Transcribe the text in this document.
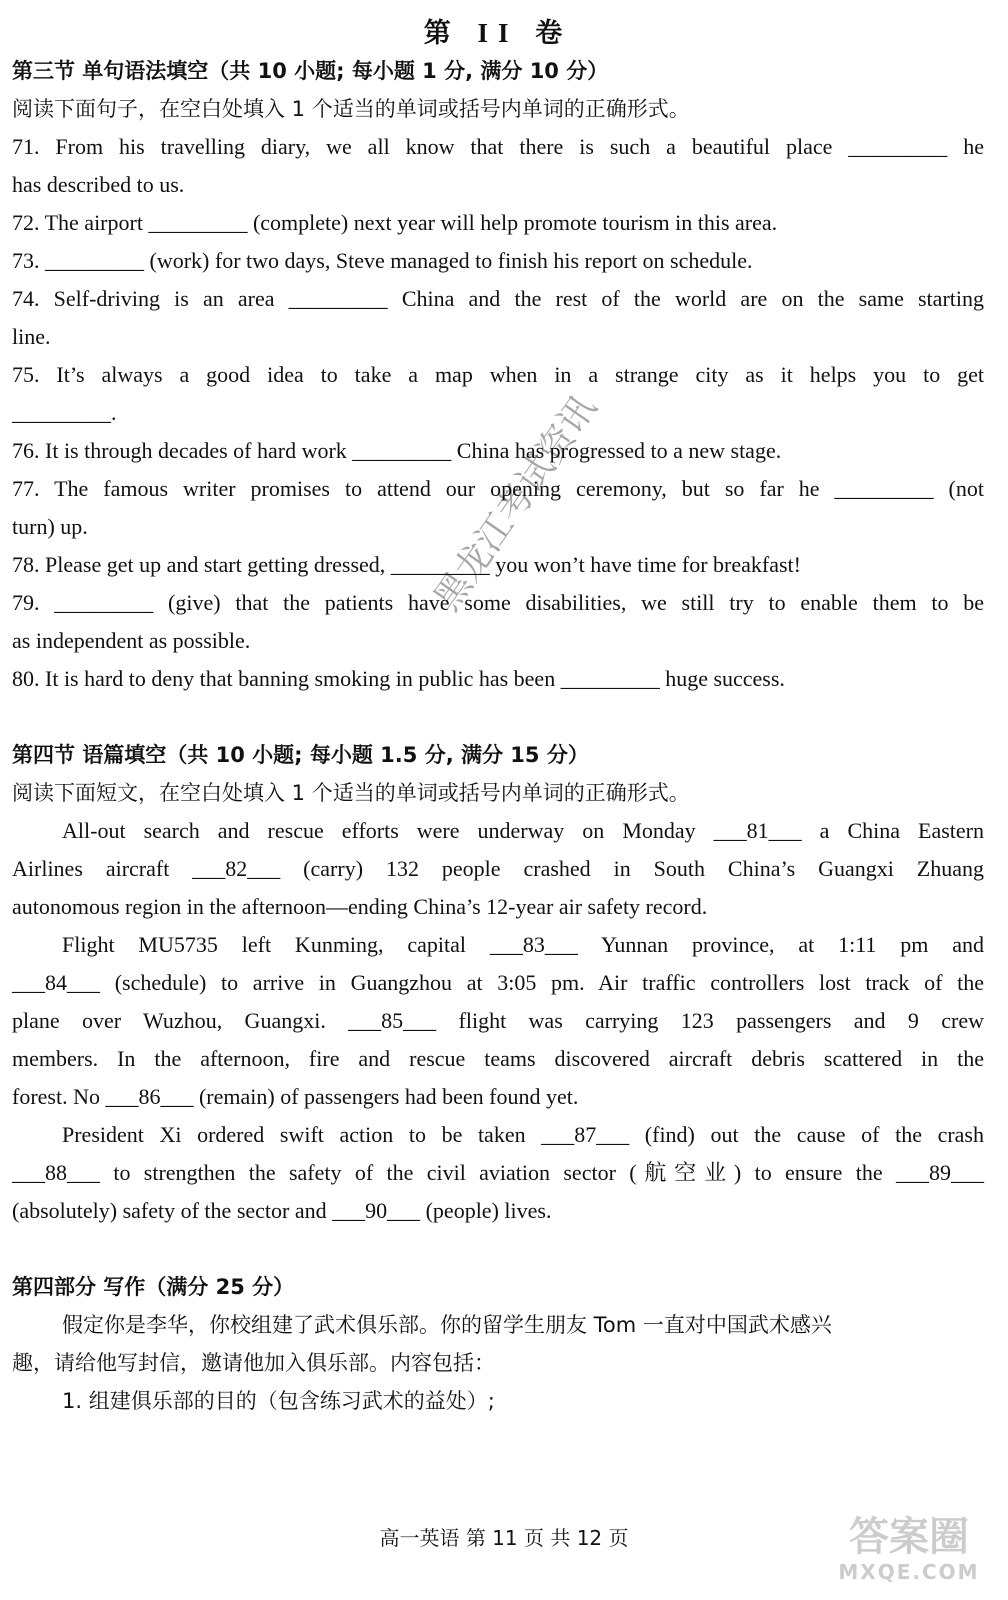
第 II 卷
第三节 单句语法填空（共 10 小题; 每小题 1 分, 满分 10 分）
阅读下面句子，在空白处填入 1 个适当的单词或括号内单词的正确形式。
71. From his travelling diary, we all know that there is such a beautiful place _________ he
has described to us.
72. The airport _________ (complete) next year will help promote tourism in this area.
73. _________ (work) for two days, Steve managed to finish his report on schedule.
74. Self-driving is an area _________ China and the rest of the world are on the same starting
line.
75. It’s always a good idea to take a map when in a strange city as it helps you to get
_________.
76. It is through decades of hard work _________ China has progressed to a new stage.
77. The famous writer promises to attend our opening ceremony, but so far he _________ (not
turn) up.
78. Please get up and start getting dressed, _________ you won’t have time for breakfast!
79. _________ (give) that the patients have some disabilities, we still try to enable them to be
as independent as possible.
80. It is hard to deny that banning smoking in public has been _________ huge success.
第四节 语篇填空（共 10 小题; 每小题 1.5 分, 满分 15 分）
阅读下面短文，在空白处填入 1 个适当的单词或括号内单词的正确形式。
All-out search and rescue efforts were underway on Monday ___81___ a China Eastern
Airlines aircraft ___82___ (carry) 132 people crashed in South China’s Guangxi Zhuang
autonomous region in the afternoon—ending China’s 12-year air safety record.
Flight MU5735 left Kunming, capital ___83___ Yunnan province, at 1:11 pm and
___84___ (schedule) to arrive in Guangzhou at 3:05 pm. Air traffic controllers lost track of the
plane over Wuzhou, Guangxi. ___85___ flight was carrying 123 passengers and 9 crew
members. In the afternoon, fire and rescue teams discovered aircraft debris scattered in the
forest. No ___86___ (remain) of passengers had been found yet.
President Xi ordered swift action to be taken ___87___ (find) out the cause of the crash
___88___ to strengthen the safety of the civil aviation sector (航空业) to ensure the ___89___
(absolutely) safety of the sector and ___90___ (people) lives.
第四部分 写作（满分 25 分）
假定你是李华，你校组建了武术俱乐部。你的留学生朋友 Tom 一直对中国武术感兴
趣，请给他写封信，邀请他加入俱乐部。内容包括：
1. 组建俱乐部的目的（包含练习武术的益处）;
黑龙江考试资讯
高一英语 第 11 页 共 12 页	答案圈
MXQE.COM
